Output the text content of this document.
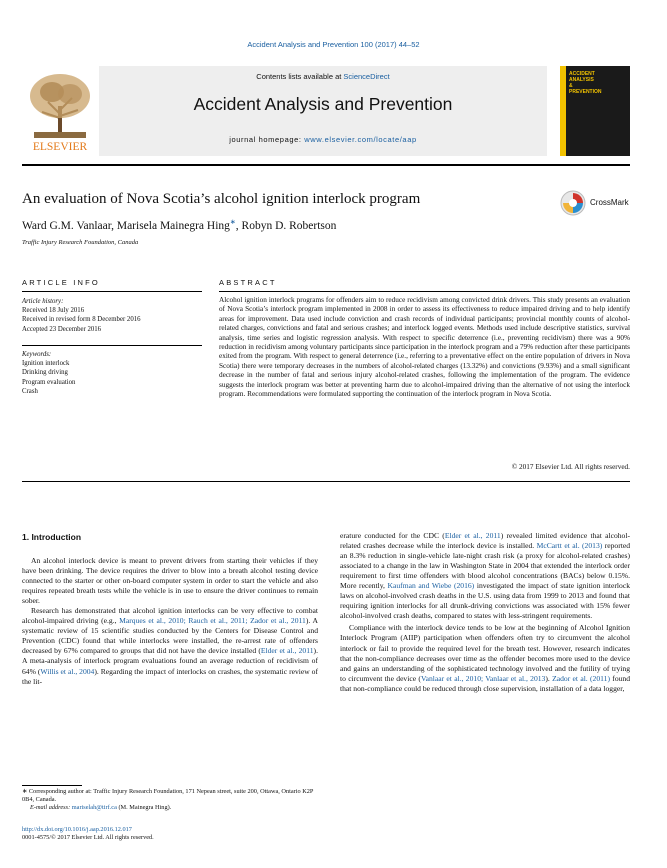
Accident Analysis and Prevention 100 (2017) 44–52
ELSEVIER
Contents lists available at ScienceDirect
Accident Analysis and Prevention
journal homepage: www.elsevier.com/locate/aap
ACCIDENT
ANALYSIS
&
PREVENTION
An evaluation of Nova Scotia’s alcohol ignition interlock program	CrossMark
Ward G.M. Vanlaar, Marisela Mainegra Hing∗, Robyn D. Robertson
Traffic Injury Research Foundation, Canada
ARTICLE INFO
Article history:
Received 18 July 2016
Received in revised form 8 December 2016
Accepted 23 December 2016
Keywords:
Ignition interlock
Drinking driving
Program evaluation
Crash
ABSTRACT
Alcohol ignition interlock programs for offenders aim to reduce recidivism among convicted drink drivers. This study presents an evaluation of Nova Scotia’s interlock program implemented in 2008 in order to assess its effectiveness to reduce impaired driving and to help identify areas for improvement. Data used include conviction and crash records of individual participants; provincial monthly counts of alcohol-related charges, convictions and fatal and serious crashes; and interlock logged events. Methods used include descriptive statistics, survival analysis, time series and logistic regression analysis. With respect to specific deterrence (i.e., preventing recidivism) there was a 90% reduction in recidivism among voluntary participants since participation in the interlock program and a 79% reduction after these participants exited from the program. With respect to general deterrence (i.e., referring to a preventative effect on the entire population of drivers in Nova Scotia) there were temporary decreases in the numbers of alcohol-related charges (13.32%) and convictions (9.93%) and a small significant decrease in the number of fatal and serious injury alcohol-related crashes, following the implementation of the program. The evidence suggests the interlock program was better at preventing harm due to alcohol-impaired driving than the alternative of not using the interlock program. Recommendations were formulated supporting the continuation of the interlock program in Nova Scotia.
© 2017 Elsevier Ltd. All rights reserved.
1. Introduction

An alcohol interlock device is meant to prevent drivers from starting their vehicles if they have been drinking. The device requires the driver to blow into a breath alcohol testing device connected to the starter or other on-board computer system in order to start the vehicle and also requires repeated breath tests while the vehicle is in use to ensure the driver continues to remain sober.

Research has demonstrated that alcohol ignition interlocks can be very effective to combat alcohol-impaired driving (e.g., Marques et al., 2010; Rauch et al., 2011; Zador et al., 2011). A systematic review of 15 scientific studies conducted by the Centers for Disease Control and Prevention (CDC) found that while interlocks were installed, the re-arrest rate of offenders decreased by 67% compared to groups that did not have the device installed (Elder et al., 2011). A meta-analysis of interlock program evaluations found an average reduction of recidivism of 64% (Willis et al., 2004). Regarding the impact of interlocks on crashes, the systematic review of the lit-

erature conducted for the CDC (Elder et al., 2011) revealed limited evidence that alcohol-related crashes decrease while the interlock device is installed. McCartt et al. (2013) reported an 8.3% reduction in single-vehicle late-night crash risk (a proxy for alcohol-related crashes) associated to a change in the law in Washington State in 2004 that extended the interlock order requirement to first time offenders with blood alcohol concentrations (BACs) below 0.15%. More recently, Kaufman and Wiebe (2016) investigated the impact of state ignition interlock laws on alcohol-involved crash deaths in the U.S. using data from 1999 to 2013 and found that requiring ignition interlocks for all drunk-driving convictions was associated with 15% fewer alcohol-involved crash deaths, compared to states with less-stringent requirements.

Compliance with the interlock device tends to be low at the beginning of Alcohol Ignition Interlock Program (AIIP) participation when offenders often try to circumvent the alcohol interlock or fail to provide the required level for the breath test. However, research indicates that the non-compliance decreases over time as the offender becomes more used to the device and gains an understanding of the sophisticated technology involved and the futility of trying to circumvent the device (Vanlaar et al., 2010; Vanlaar et al., 2013). Zador et al. (2011) found that non-compliance could be reduced through close supervision, installation of a data logger,

∗ Corresponding author at: Traffic Injury Research Foundation, 171 Nepean street, suite 200, Ottawa, Ontario K2P 0B4, Canada.
E-mail address: mariselah@tirf.ca (M. Mainegra Hing).
http://dx.doi.org/10.1016/j.aap.2016.12.017
0001-4575/© 2017 Elsevier Ltd. All rights reserved.
